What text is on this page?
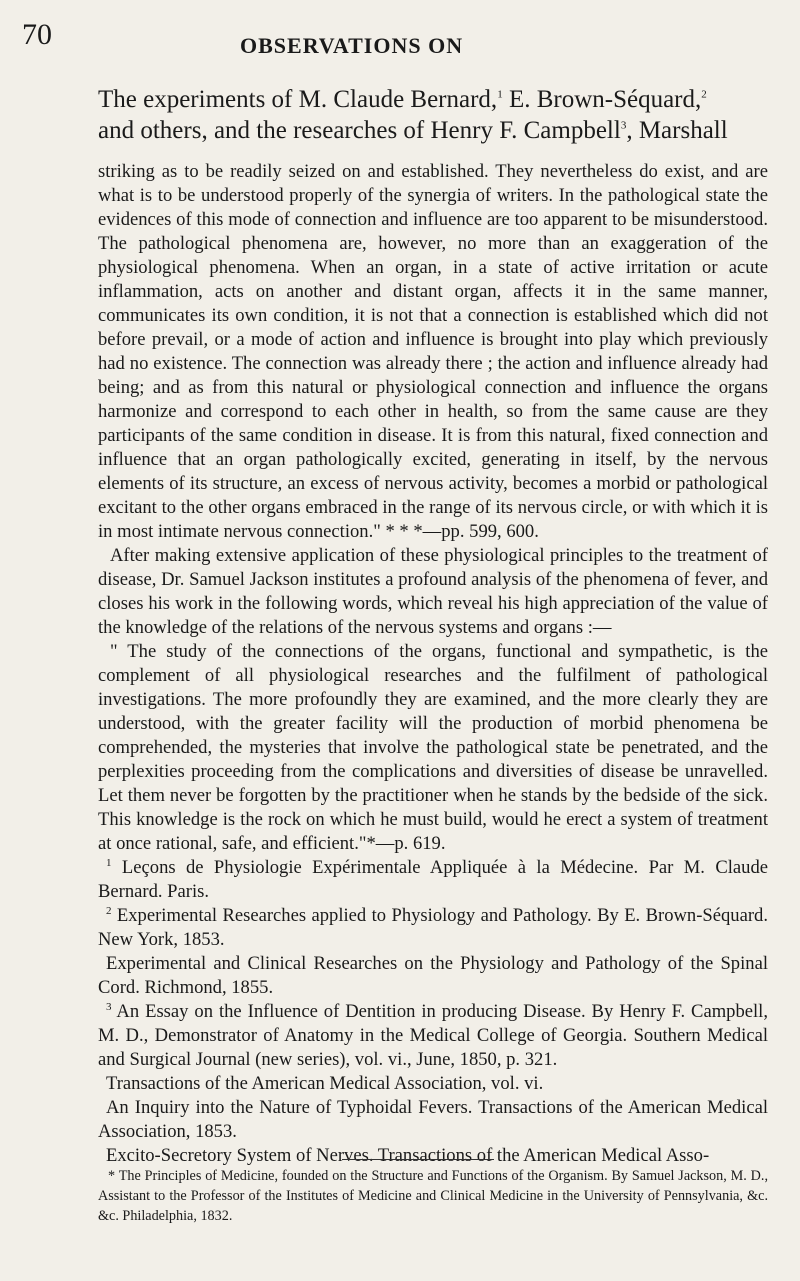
70	OBSERVATIONS ON
The experiments of M. Claude Bernard,$^1$ E. Brown-Séquard,$^2$
and others, and the researches of Henry F. Campbell$^3$, Marshall

striking as to be readily seized on and established. They nevertheless do exist, and are what is to be understood properly of the synergia of writers. In the pathological state the evidences of this mode of connection and influence are too apparent to be misunderstood. The pathological phenomena are, however, no more than an exaggeration of the physiological phenomena. When an organ, in a state of active irritation or acute inflammation, acts on another and distant organ, affects it in the same manner, communicates its own condition, it is not that a connection is established which did not before prevail, or a mode of action and influence is brought into play which previously had no existence. The connection was already there ; the action and influence already had being; and as from this natural or physiological connection and influence the organs harmonize and correspond to each other in health, so from the same cause are they participants of the same condition in disease. It is from this natural, fixed connection and influence that an organ pathologically excited, generating in itself, by the nervous elements of its structure, an excess of nervous activity, becomes a morbid or pathological excitant to the other organs embraced in the range of its nervous circle, or with which it is in most intimate nervous connection." * * *—pp. 599, 600.

After making extensive application of these physiological principles to the treatment of disease, Dr. Samuel Jackson institutes a profound analysis of the phenomena of fever, and closes his work in the following words, which reveal his high appreciation of the value of the knowledge of the relations of the nervous systems and organs :—

" The study of the connections of the organs, functional and sympathetic, is the complement of all physiological researches and the fulfilment of pathological investigations. The more profoundly they are examined, and the more clearly they are understood, with the greater facility will the production of morbid phenomena be comprehended, the mysteries that involve the pathological state be penetrated, and the perplexities proceeding from the complications and diversities of disease be unravelled. Let them never be forgotten by the practitioner when he stands by the bedside of the sick. This knowledge is the rock on which he must build, would he erect a system of treatment at once rational, safe, and efficient."*—p. 619.

$^1$ Leçons de Physiologie Expérimentale Appliquée à la Médecine. Par M. Claude Bernard. Paris.

$^2$ Experimental Researches applied to Physiology and Pathology. By E. Brown-Séquard. New York, 1853.

Experimental and Clinical Researches on the Physiology and Pathology of the Spinal Cord. Richmond, 1855.

$^3$ An Essay on the Influence of Dentition in producing Disease. By Henry F. Campbell, M. D., Demonstrator of Anatomy in the Medical College of Georgia. Southern Medical and Surgical Journal (new series), vol. vi., June, 1850, p. 321.

Transactions of the American Medical Association, vol. vi.

An Inquiry into the Nature of Typhoidal Fevers. Transactions of the American Medical Association, 1853.

Excito-Secretory System of Nerves. Transactions of the American Medical Asso-

* The Principles of Medicine, founded on the Structure and Functions of the Organism. By Samuel Jackson, M. D., Assistant to the Professor of the Institutes of Medicine and Clinical Medicine in the University of Pennsylvania, &c. &c. Philadelphia, 1832.
